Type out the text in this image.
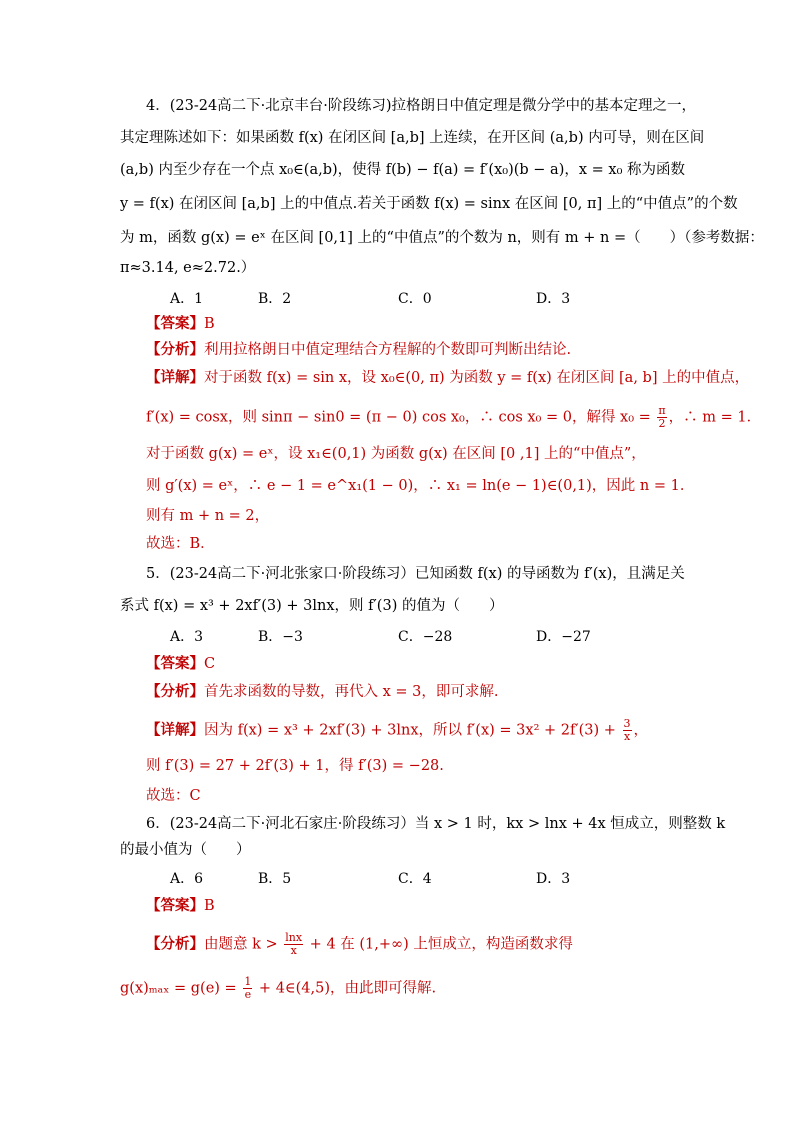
4．(23-24高二下·北京丰台·阶段练习)拉格朗日中值定理是微分学中的基本定理之一，
其定理陈述如下：如果函数 f(x) 在闭区间 [a,b] 上连续，在开区间 (a,b) 内可导，则在区间
(a,b) 内至少存在一个点 x₀∈(a,b)，使得 f(b) − f(a) = f′(x₀)(b − a)，x = x₀ 称为函数
y = f(x) 在闭区间 [a,b] 上的中值点.若关于函数 f(x) = sinx 在区间 [0, π] 上的“中值点”的个数
为 m，函数 g(x) = eˣ 在区间 [0,1] 上的“中值点”的个数为 n，则有 m + n =（　　）（参考数据：
π≈3.14, e≈2.72.）
A．1	B．2	C．0	D．3
【答案】B
【分析】利用拉格朗日中值定理结合方程解的个数即可判断出结论.
【详解】对于函数 f(x) = sin x，设 x₀∈(0, π) 为函数 y = f(x) 在闭区间 [a, b] 上的中值点，
f′(x) = cosx，则 sinπ − sin0 = (π − 0) cos x₀，∴ cos x₀ = 0，解得 $x_0 = \frac{\pi}{2}$ ，∴ m = 1．
对于函数 g(x) = eˣ，设 x₁∈(0,1) 为函数 g(x) 在区间 [0 ,1] 上的“中值点”，
则 g′(x) = eˣ，∴ e − 1 = e^x₁(1 − 0)，∴ x₁ = ln(e − 1)∈(0,1)，因此 n = 1．
则有 m + n = 2，
故选：B．
5．(23-24高二下·河北张家口·阶段练习）已知函数 f(x) 的导函数为 f′(x)，且满足关
系式 f(x) = x³ + 2xf′(3) + 3lnx，则 f′(3) 的值为（　　）
A．3	B．−3	C．−28	D．−27
【答案】C
【分析】首先求函数的导数，再代入 x = 3，即可求解.
【详解】因为 f(x) = x³ + 2xf′(3) + 3lnx，所以 $f'(x) = 3x^2 + 2f'(3) + \frac{3}{x}$ ，
则 f′(3) = 27 + 2f′(3) + 1，得 f′(3) = −28.
故选：C
6．(23-24高二下·河北石家庄·阶段练习）当 x > 1 时，kx > lnx + 4x 恒成立，则整数 k
的最小值为（　　）
A．6	B．5	C．4	D．3
【答案】B
【分析】由题意 $k > \frac{\ln x}{x} + 4$ 在 (1,+∞) 上恒成立，构造函数求得
$g(x)_{max} = g(e) = \frac{1}{e}$ + 4∈(4,5)，由此即可得解.
